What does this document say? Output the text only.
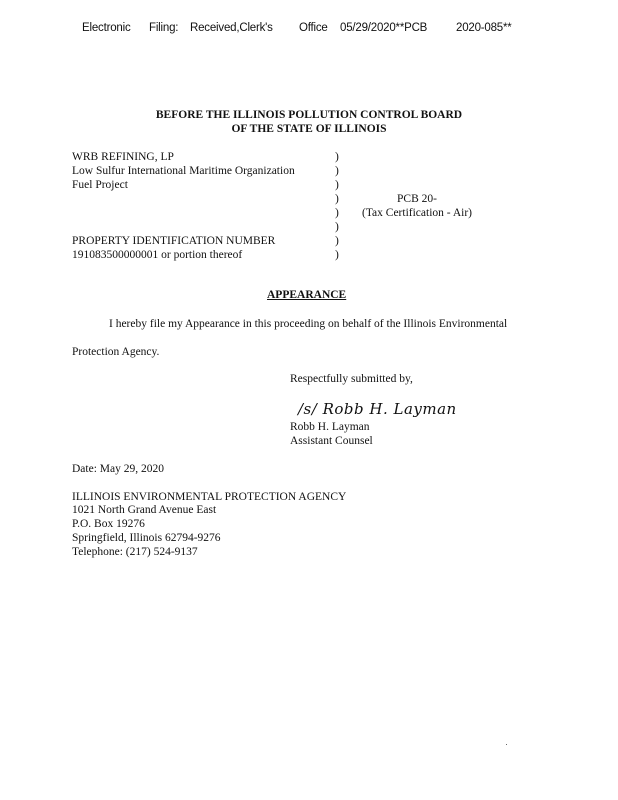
Electronic Filing: Received,Clerk's Office 05/29/2020**PCB	2020-085**
BEFORE THE ILLINOIS POLLUTION CONTROL BOARD
OF THE STATE OF ILLINOIS
WRB REFINING, LP
Low Sulfur International Maritime Organization
Fuel Project
PROPERTY IDENTIFICATION NUMBER
191083500000001 or portion thereof
)
)
)
)
)
)
)
)
PCB 20-
(Tax Certification - Air)
APPEARANCE
I hereby file my Appearance in this proceeding on behalf of the Illinois Environmental
Protection Agency.
Respectfully submitted by,
/s/ Robb H. Layman
Robb H. Layman
Assistant Counsel
Date: May 29, 2020
ILLINOIS ENVIRONMENTAL PROTECTION AGENCY
1021 North Grand Avenue East
P.O. Box 19276
Springfield, Illinois 62794-9276
Telephone: (217) 524-9137
